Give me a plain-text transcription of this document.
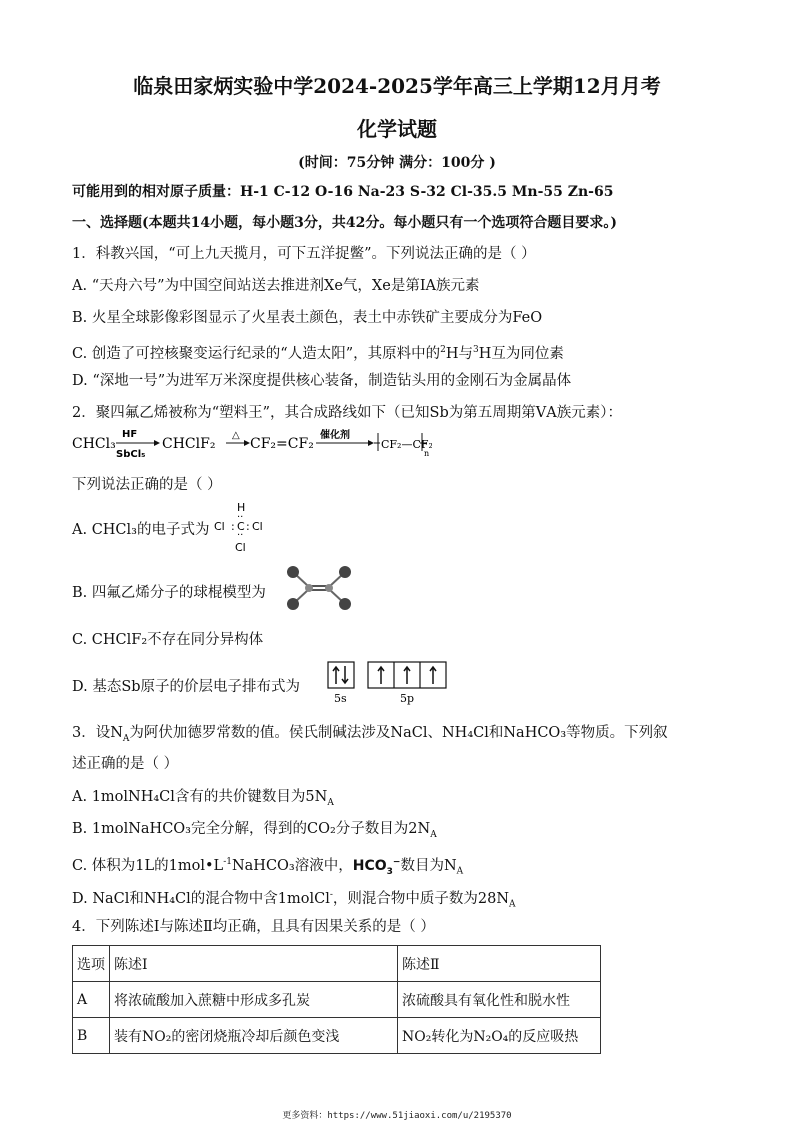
临泉田家炳实验中学2024-2025学年高三上学期12月月考
化学试题
(时间：75分钟 满分：100分 )
可能用到的相对原子质量：H-1 C-12 O-16 Na-23 S-32 Cl-35.5 Mn-55 Zn-65
一、选择题(本题共14小题，每小题3分，共42分。每小题只有一个选项符合题目要求。)
1．科教兴国，“可上九天揽月，可下五洋捉鳖”。下列说法正确的是（ ）
A. “天舟六号”为中国空间站送去推进剂Xe气，Xe是第ⅠA族元素
B. 火星全球影像彩图显示了火星表土颜色，表土中赤铁矿主要成分为FeO
C. 创造了可控核聚变运行纪录的“人造太阳”，其原料中的$^2$H与$^3$H互为同位素
D. “深地一号”为进军万米深度提供核心装备，制造钻头用的金刚石为金属晶体
2．聚四氟乙烯被称为“塑料王”，其合成路线如下（已知Sb为第五周期第ⅤA族元素）：
CHCl₃
HF
SbCl₅
CHClF₂
△
CF₂=CF₂
催化剂
CF₂—CF₂
n
下列说法正确的是（ ）
A. CHCl₃的电子式为
H
··
Cl : C : Cl
··
Cl
B. 四氟乙烯分子的球棍模型为
C. CHClF₂不存在同分异构体
D. 基态Sb原子的价层电子排布式为
5s	5p
3．设$N_A$为阿伏加德罗常数的值。侯氏制碱法涉及NaCl、NH₄Cl和NaHCO₃等物质。下列叙
述正确的是（ ）
A. 1molNH₄Cl含有的共价键数目为$5N_A$
B. 1molNaHCO₃完全分解，得到的CO₂分子数目为$2N_A$
C. 体积为1L的$1mol•L^{-1}NaHCO_3$溶液中，$HCO_3^-$数目为$N_A$
D. NaCl和NH₄Cl的混合物中含1molCl-，则混合物中质子数为$28N_A$
4．下列陈述Ⅰ与陈述Ⅱ均正确，且具有因果关系的是（ ）
选项	陈述Ⅰ	陈述Ⅱ
A	将浓硫酸加入蔗糖中形成多孔炭	浓硫酸具有氧化性和脱水性
B	装有NO₂的密闭烧瓶冷却后颜色变浅	NO₂转化为N₂O₄的反应吸热
更多资料：https://www.51jiaoxi.com/u/2195370
